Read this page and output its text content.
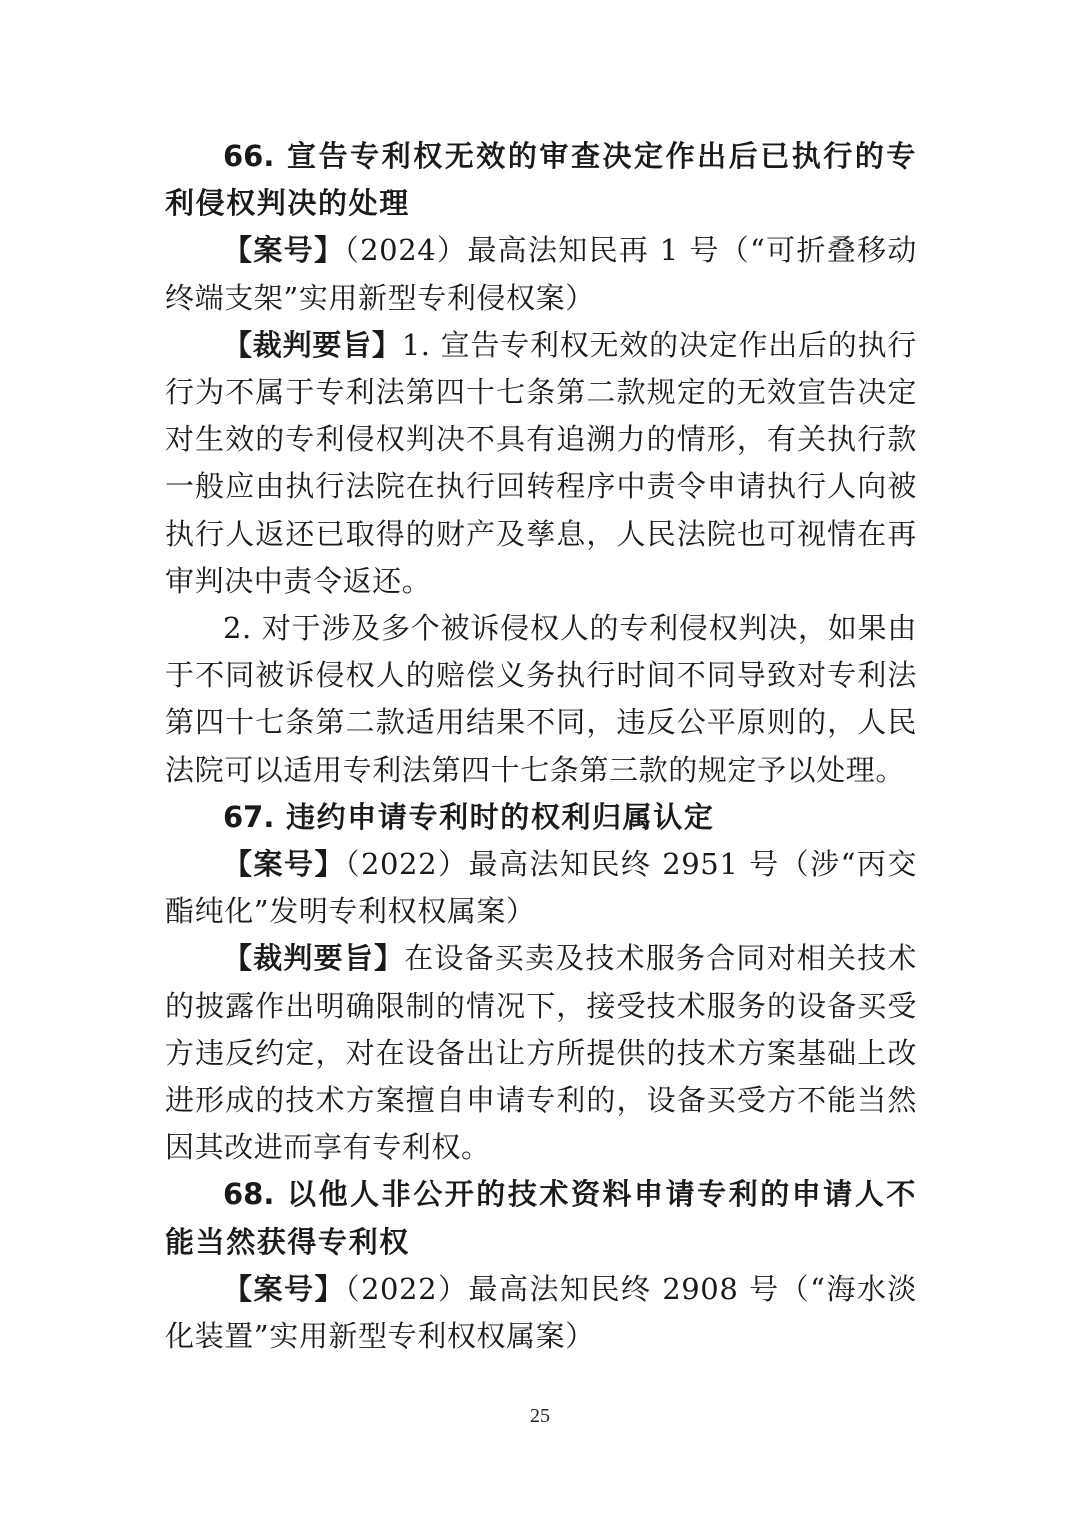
66. 宣告专利权无效的审查决定作出后已执行的专利侵权判决的处理

【案号】（2024）最高法知民再 1 号（“可折叠移动终端支架”实用新型专利侵权案）

【裁判要旨】1. 宣告专利权无效的决定作出后的执行行为不属于专利法第四十七条第二款规定的无效宣告决定对生效的专利侵权判决不具有追溯力的情形，有关执行款一般应由执行法院在执行回转程序中责令申请执行人向被执行人返还已取得的财产及孳息，人民法院也可视情在再审判决中责令返还。

2. 对于涉及多个被诉侵权人的专利侵权判决，如果由于不同被诉侵权人的赔偿义务执行时间不同导致对专利法第四十七条第二款适用结果不同，违反公平原则的，人民法院可以适用专利法第四十七条第三款的规定予以处理。

67. 违约申请专利时的权利归属认定

【案号】（2022）最高法知民终 2951 号（涉“丙交酯纯化”发明专利权权属案）

【裁判要旨】在设备买卖及技术服务合同对相关技术的披露作出明确限制的情况下，接受技术服务的设备买受方违反约定，对在设备出让方所提供的技术方案基础上改进形成的技术方案擅自申请专利的，设备买受方不能当然因其改进而享有专利权。

68. 以他人非公开的技术资料申请专利的申请人不能当然获得专利权

【案号】（2022）最高法知民终 2908 号（“海水淡化装置”实用新型专利权权属案）

25
